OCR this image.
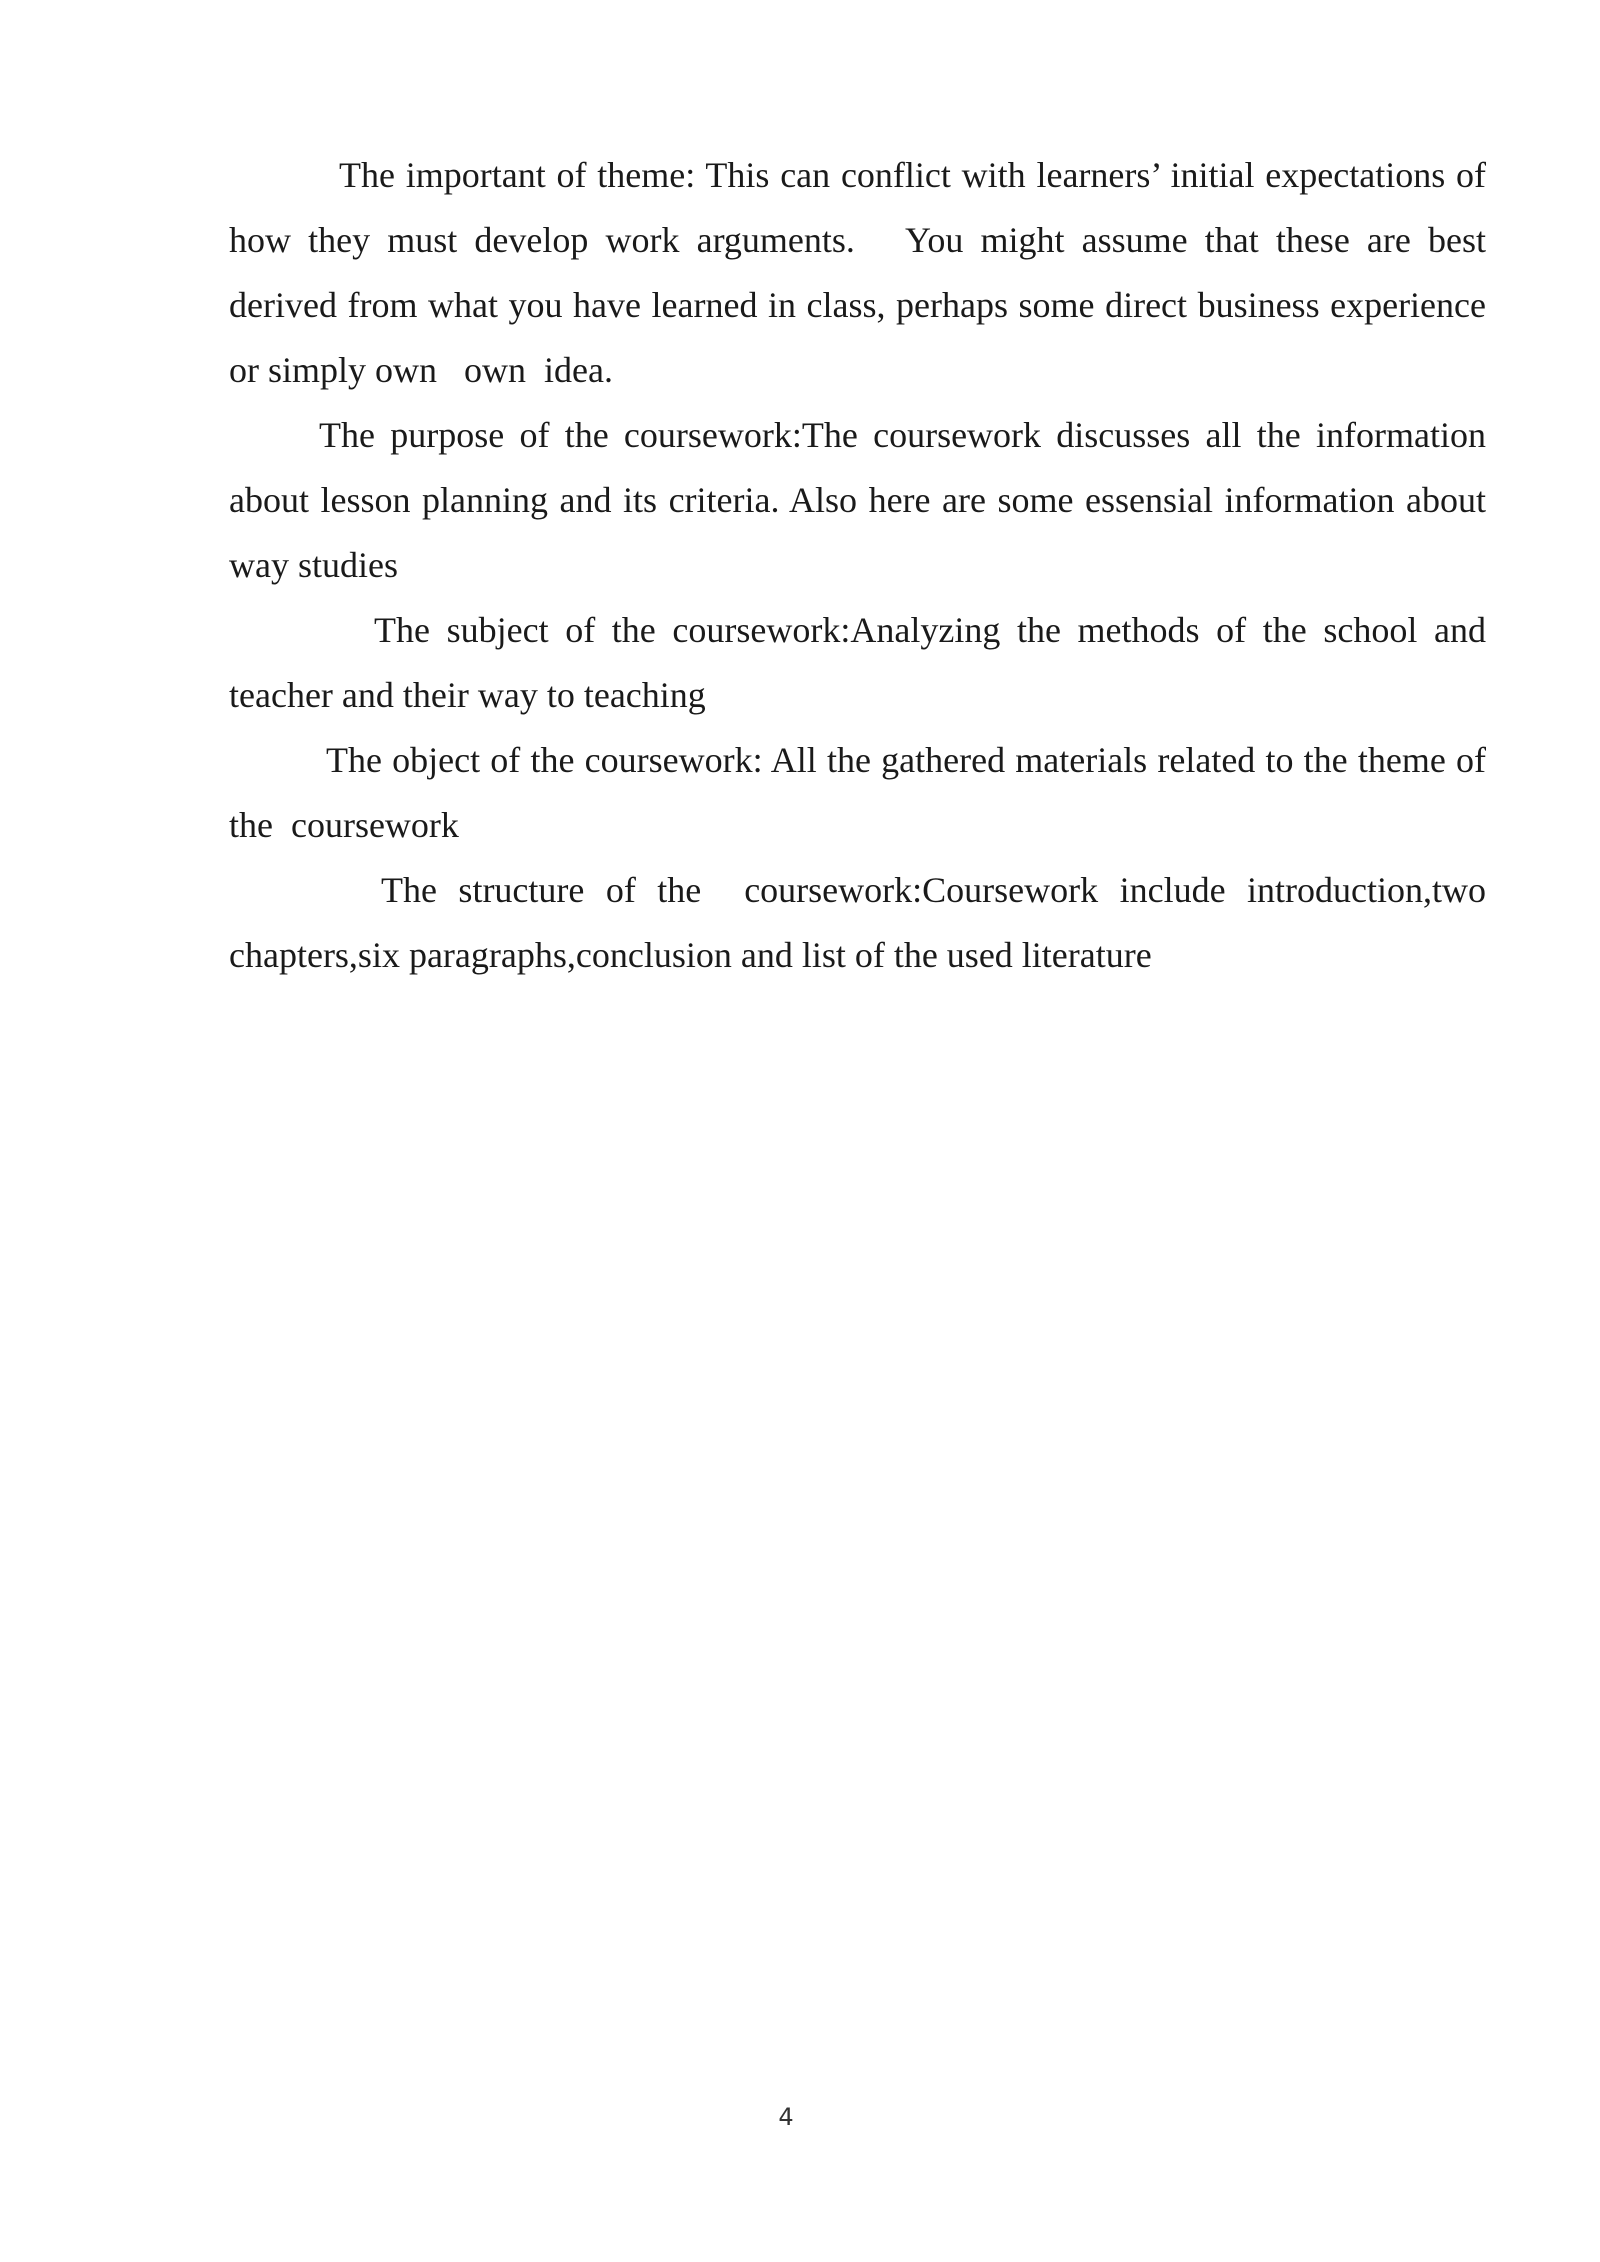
The important of theme: This can conflict with learners’ initial expectations of how they must develop work arguments.   You might assume that these are best derived from what you have learned in class, perhaps some direct business experience or simply own   own  idea.

The purpose of the coursework:The coursework discusses all the information about lesson planning and its criteria. Also here are some essensial information about way studies

The subject of the coursework:Analyzing the methods of the school and teacher and their way to teaching

The object of the coursework: All the gathered materials related to the theme of the  coursework

The structure of the  coursework:Coursework include introduction,two chapters,six paragraphs,conclusion and list of the used literature

4
